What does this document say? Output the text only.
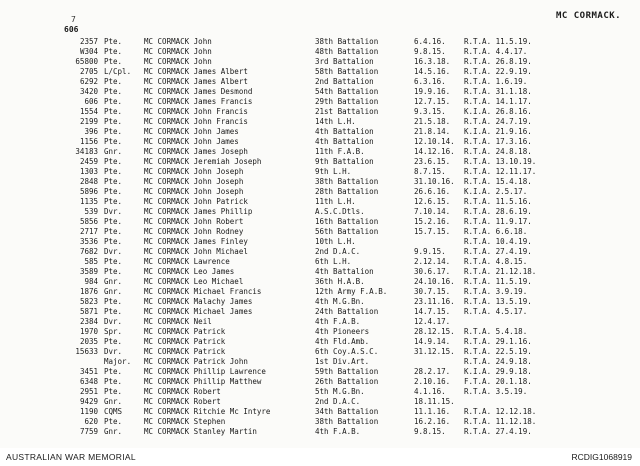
MC CORMACK.
7
606
2357 Pte.	MC CORMACK John	38th Battalion	6.4.16. R.T.A. 11.5.19.
W304 Pte.	MC CORMACK John	48th Battalion	9.8.15. R.T.A. 4.4.17.
65800 Pte.	MC CORMACK John	3rd Battalion	16.3.18. R.T.A. 26.8.19.
2705 L/Cpl. MC CORMACK James Albert	58th Battalion	14.5.16. R.T.A. 22.9.19.
6292 Pte.	MC CORMACK James Albert	2nd Battalion	6.3.16. R.T.A. 1.6.19.
3420 Pte.	MC CORMACK James Desmond	54th Battalion	19.9.16. R.T.A. 31.1.18.
606 Pte.	MC CORMACK James Francis	29th Battalion	12.7.15. R.T.A. 14.1.17.
1554 Pte.	MC CORMACK John Francis	21st Battalion	9.3.15. K.I.A. 26.8.16.
2199 Pte.	MC CORMACK John Francis	14th L.H.	21.5.18. R.T.A. 24.7.19.
396 Pte.	MC CORMACK John James	4th Battalion	21.8.14. K.I.A. 21.9.16.
1156 Pte.	MC CORMACK John James	4th Battalion	12.10.14. R.T.A. 17.3.16.
34183 Gnr.	MC CORMACK James Joseph	11th F.A.B.	14.12.16. R.T.A. 24.8.18.
2459 Pte.	MC CORMACK Jeremiah Joseph	9th Battalion	23.6.15. R.T.A. 13.10.19.
1303 Pte.	MC CORMACK John Joseph	9th L.H.	8.7.15. R.T.A. 12.11.17.
2848 Pte.	MC CORMACK John Joseph	38th Battalion	31.10.16. R.T.A. 15.4.18.
5896 Pte.	MC CORMACK John Joseph	28th Battalion	26.6.16. K.I.A. 2.5.17.
1135 Pte.	MC CORMACK John Patrick	11th L.H.	12.6.15. R.T.A. 11.5.16.
539 Dvr.	MC CORMACK James Phillip	A.S.C.Dtls.	7.10.14. R.T.A. 28.6.19.
5856 Pte.	MC CORMACK John Robert	16th Battalion	15.2.16. R.T.A. 11.9.17.
2717 Pte.	MC CORMACK John Rodney	56th Battalion	15.7.15. R.T.A. 6.6.18.
3536 Pte.	MC CORMACK James Finley	10th L.H.	R.T.A. 10.4.19.
7682 Dvr.	MC CORMACK John Michael	2nd D.A.C.	9.9.15. R.T.A. 27.4.19.
585 Pte.	MC CORMACK Lawrence	6th L.H.	2.12.14. R.T.A. 4.8.15.
3589 Pte.	MC CORMACK Leo James	4th Battalion	30.6.17. R.T.A. 21.12.18.
984 Gnr.	MC CORMACK Leo Michael	36th H.A.B.	24.10.16. R.T.A. 11.5.19.
1876 Gnr.	MC CORMACK Michael Francis	12th Army F.A.B.	30.7.15. R.T.A. 3.9.19.
5823 Pte.	MC CORMACK Malachy James	4th M.G.Bn.	23.11.16. R.T.A. 13.5.19.
5871 Pte.	MC CORMACK Michael James	24th Battalion	14.7.15. R.T.A. 4.5.17.
2384 Dvr.	MC CORMACK Neil	4th F.A.B.	12.4.17.
1970 Spr.	MC CORMACK Patrick	4th Pioneers	28.12.15. R.T.A. 5.4.18.
2035 Pte.	MC CORMACK Patrick	4th Fld.Amb.	14.9.14. R.T.A. 29.1.16.
15633 Dvr.	MC CORMACK Patrick	6th Coy.A.S.C.	31.12.15. R.T.A. 22.5.19.
Major. MC CORMACK Patrick John	1st Div.Art.	R.T.A. 24.9.18.
3451 Pte.	MC CORMACK Phillip Lawrence	59th Battalion	28.2.17. K.I.A. 29.9.18.
6348 Pte.	MC CORMACK Phillip Matthew	26th Battalion	2.10.16. F.T.A. 20.1.18.
2951 Pte.	MC CORMACK Robert	5th M.G.Bn.	4.1.16. R.T.A. 3.5.19.
9429 Gnr.	MC CORMACK Robert	2nd D.A.C.	18.11.15.
1190 CQMS	MC CORMACK Ritchie Mc Intyre	34th Battalion	11.1.16. R.T.A. 12.12.18.
620 Pte.	MC CORMACK Stephen	38th Battalion	16.2.16. R.T.A. 11.12.18.
7759 Gnr.	MC CORMACK Stanley Martin	4th F.A.B.	9.8.15. R.T.A. 27.4.19.
AUSTRALIAN WAR MEMORIAL	RCDIG1068919
